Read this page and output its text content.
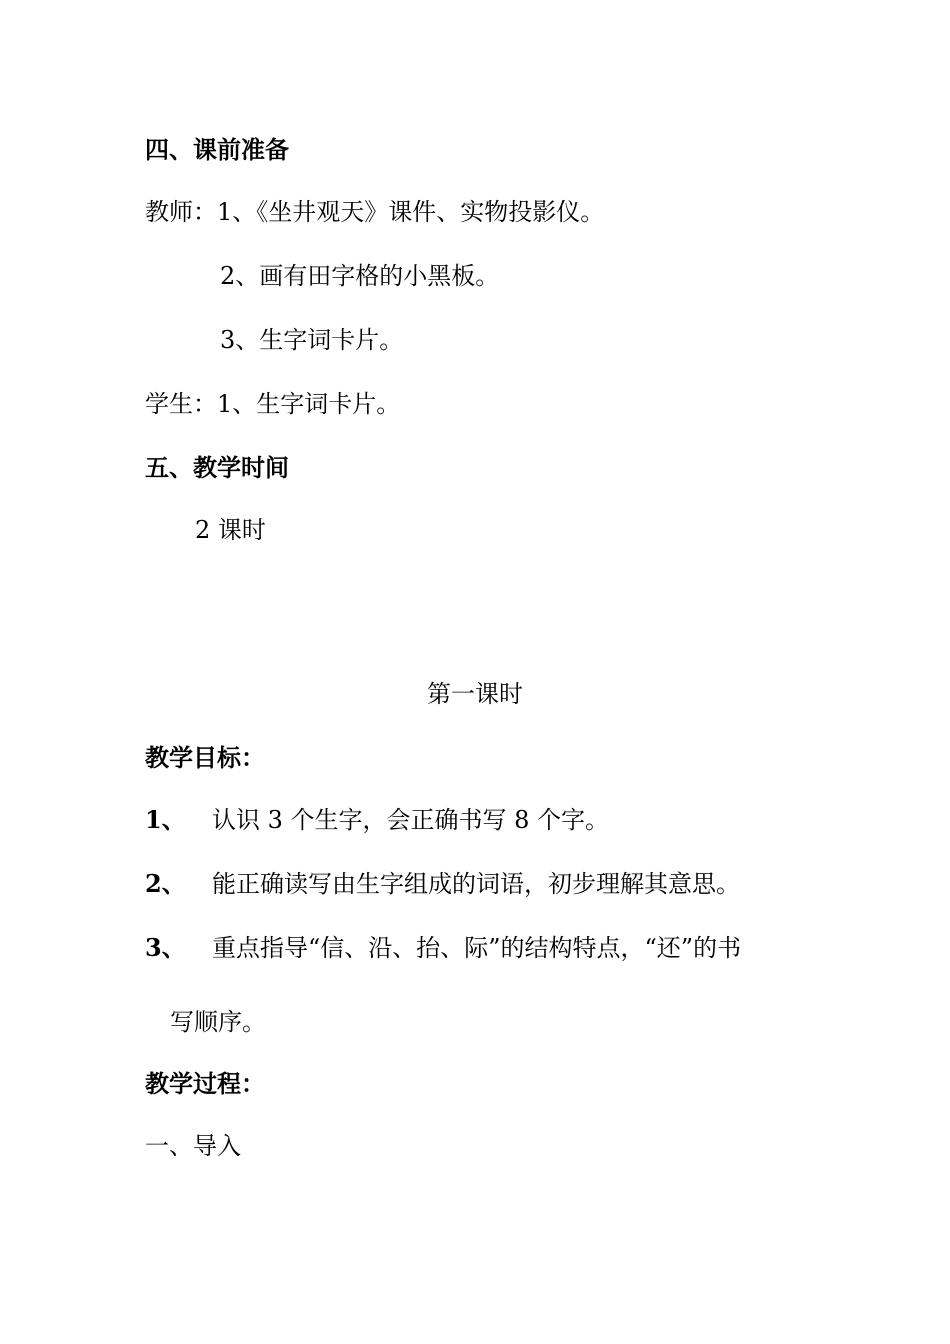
四、课前准备

教师：1、《坐井观天》课件、实物投影仪。

2、画有田字格的小黑板。

3、生字词卡片。

学生：1、生字词卡片。

五、教学时间

2 课时

第一课时

教学目标：

1、 认识 3 个生字，会正确书写 8 个字。
2、 能正确读写由生字组成的词语，初步理解其意思。
3、 重点指导“信、沿、抬、际”的结构特点，“还”的书
写顺序。

教学过程：

一、导入
